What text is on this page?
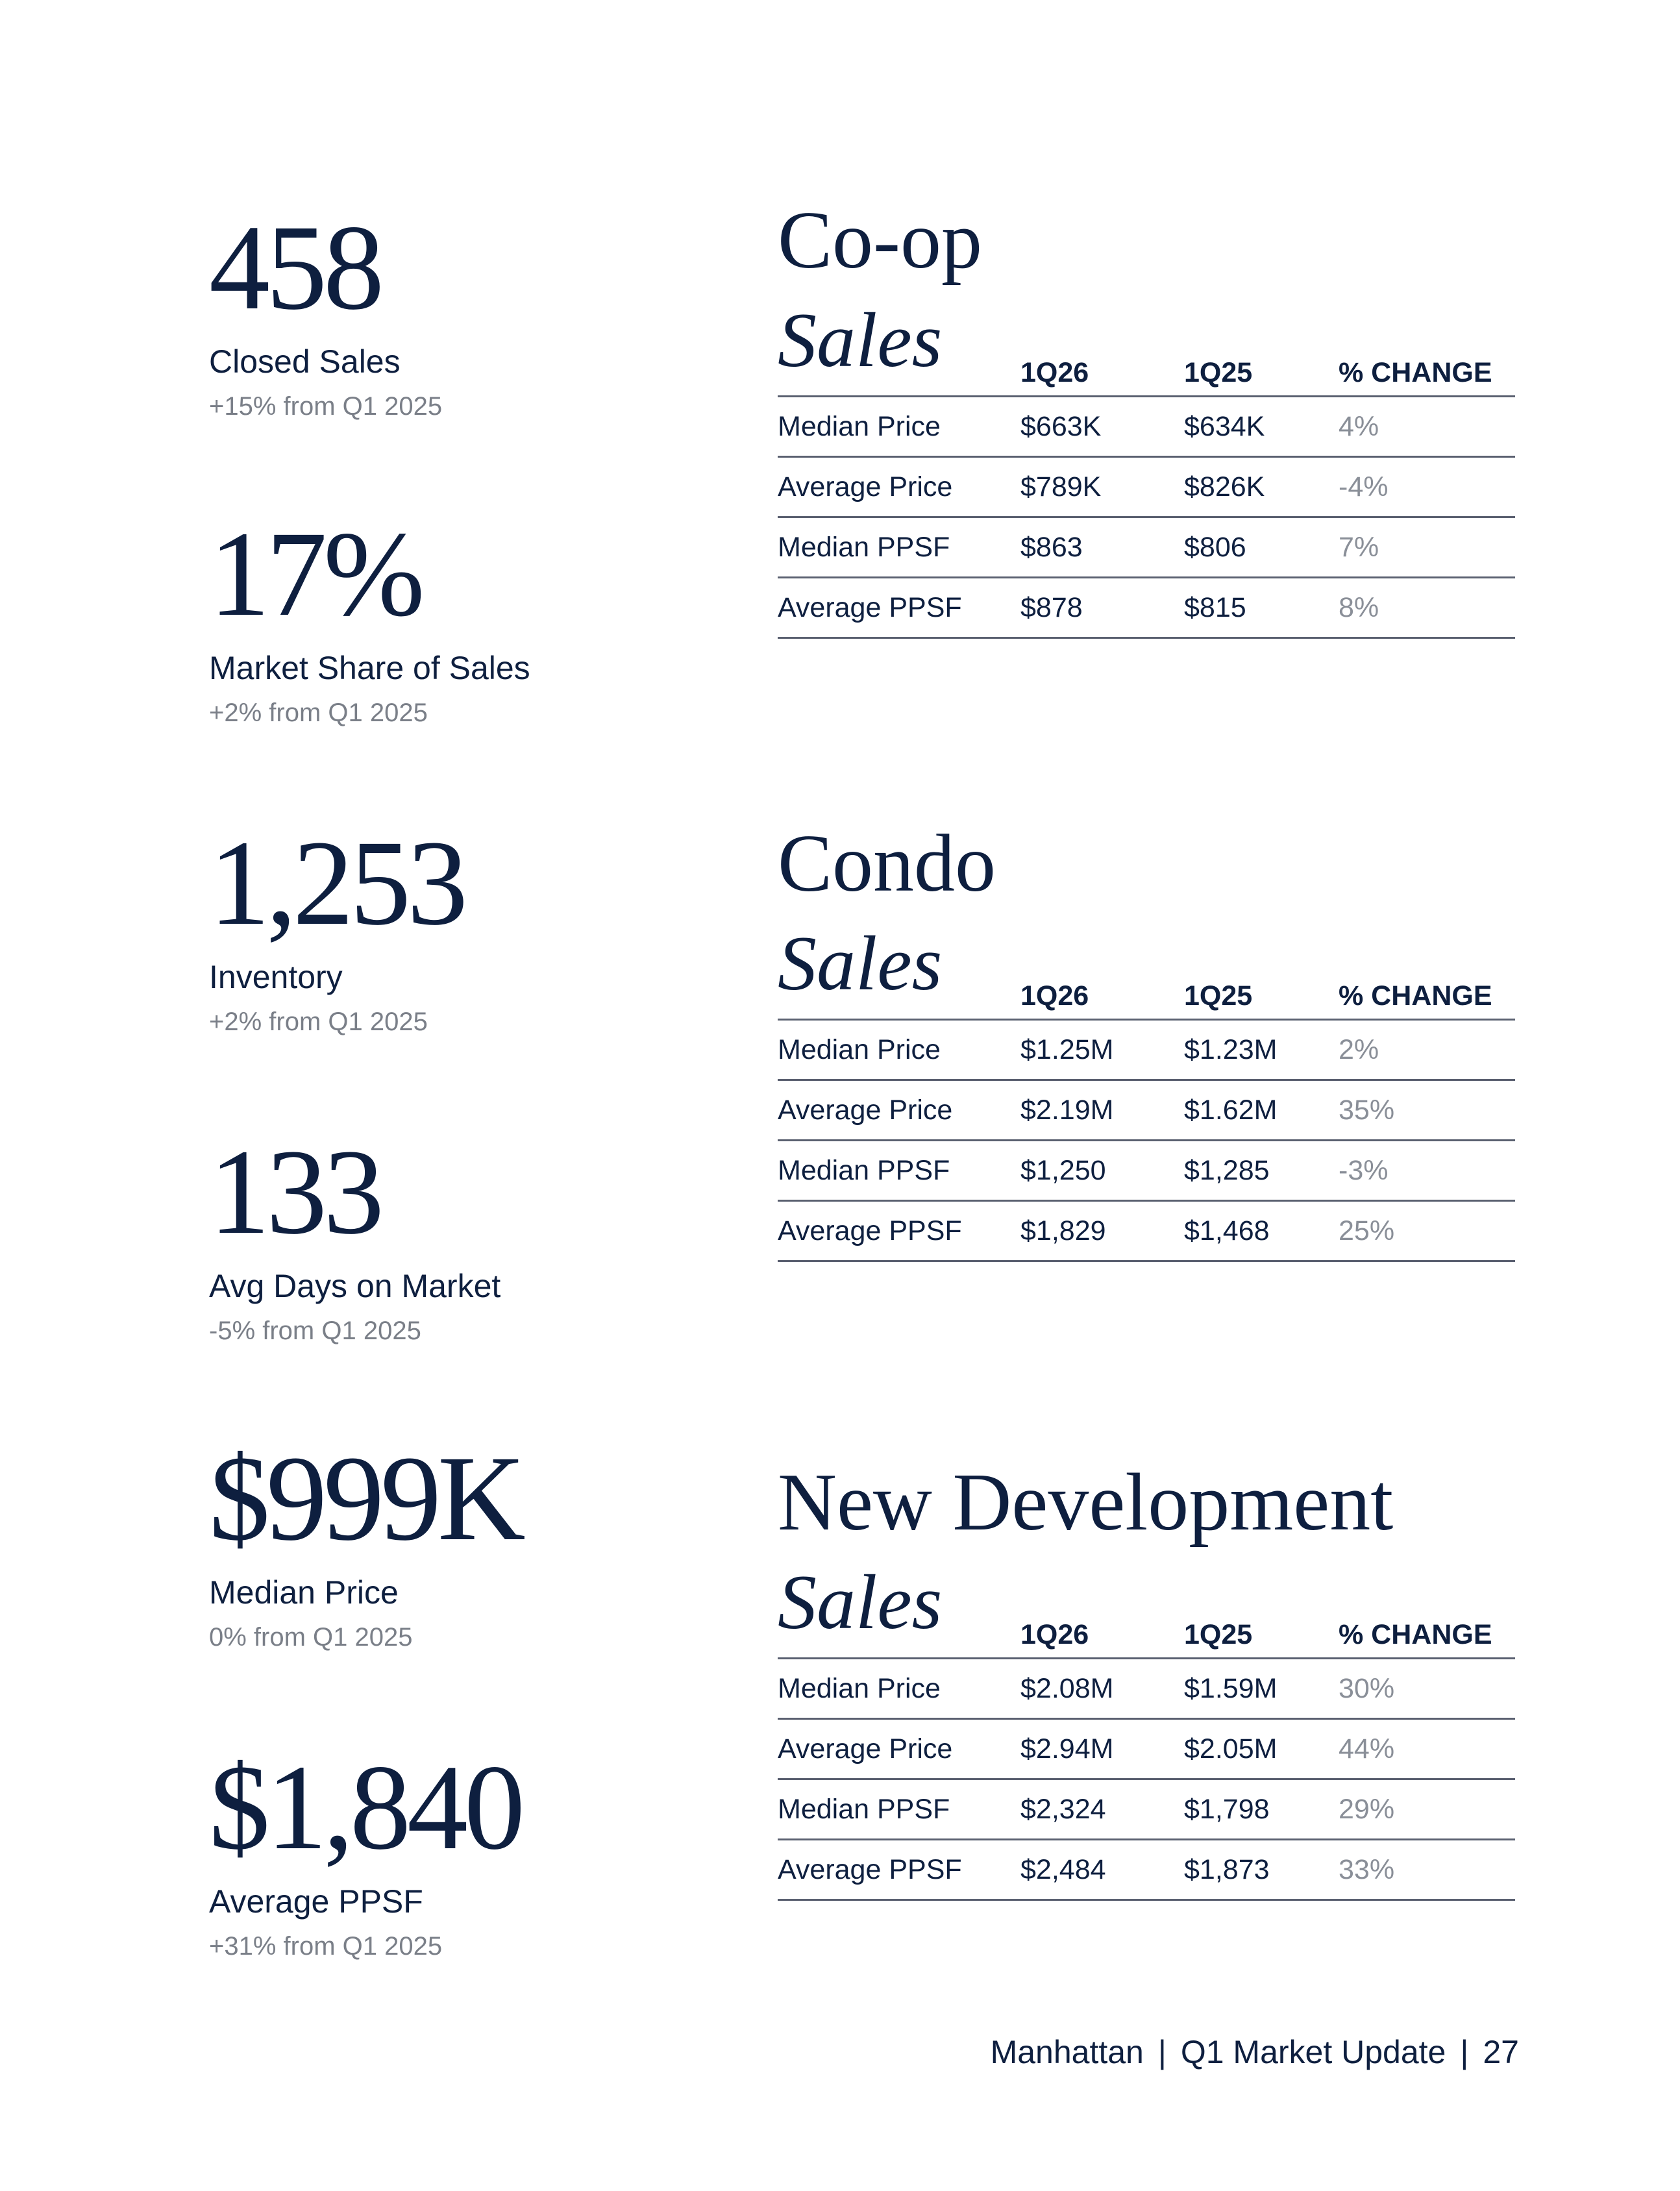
458
Closed Sales
+15% from Q1 2025
17%
Market Share of Sales
+2% from Q1 2025
1,253
Inventory
+2% from Q1 2025
133
Avg Days on Market
-5% from Q1 2025
$999K
Median Price
0% from Q1 2025
$1,840
Average PPSF
+31% from Q1 2025
Co-op
Sales
		1Q26	1Q25	% CHANGE
Median Price	$663K	$634K	4%
Average Price	$789K	$826K	-4%
Median PPSF	$863	$806	7%
Average PPSF	$878	$815	8%
Condo
Sales
		1Q26	1Q25	% CHANGE
Median Price	$1.25M	$1.23M	2%
Average Price	$2.19M	$1.62M	35%
Median PPSF	$1,250	$1,285	-3%
Average PPSF	$1,829	$1,468	25%
New Development
Sales
		1Q26	1Q25	% CHANGE
Median Price	$2.08M	$1.59M	30%
Average Price	$2.94M	$2.05M	44%
Median PPSF	$2,324	$1,798	29%
Average PPSF	$2,484	$1,873	33%
Manhattan | Q1 Market Update | 27
